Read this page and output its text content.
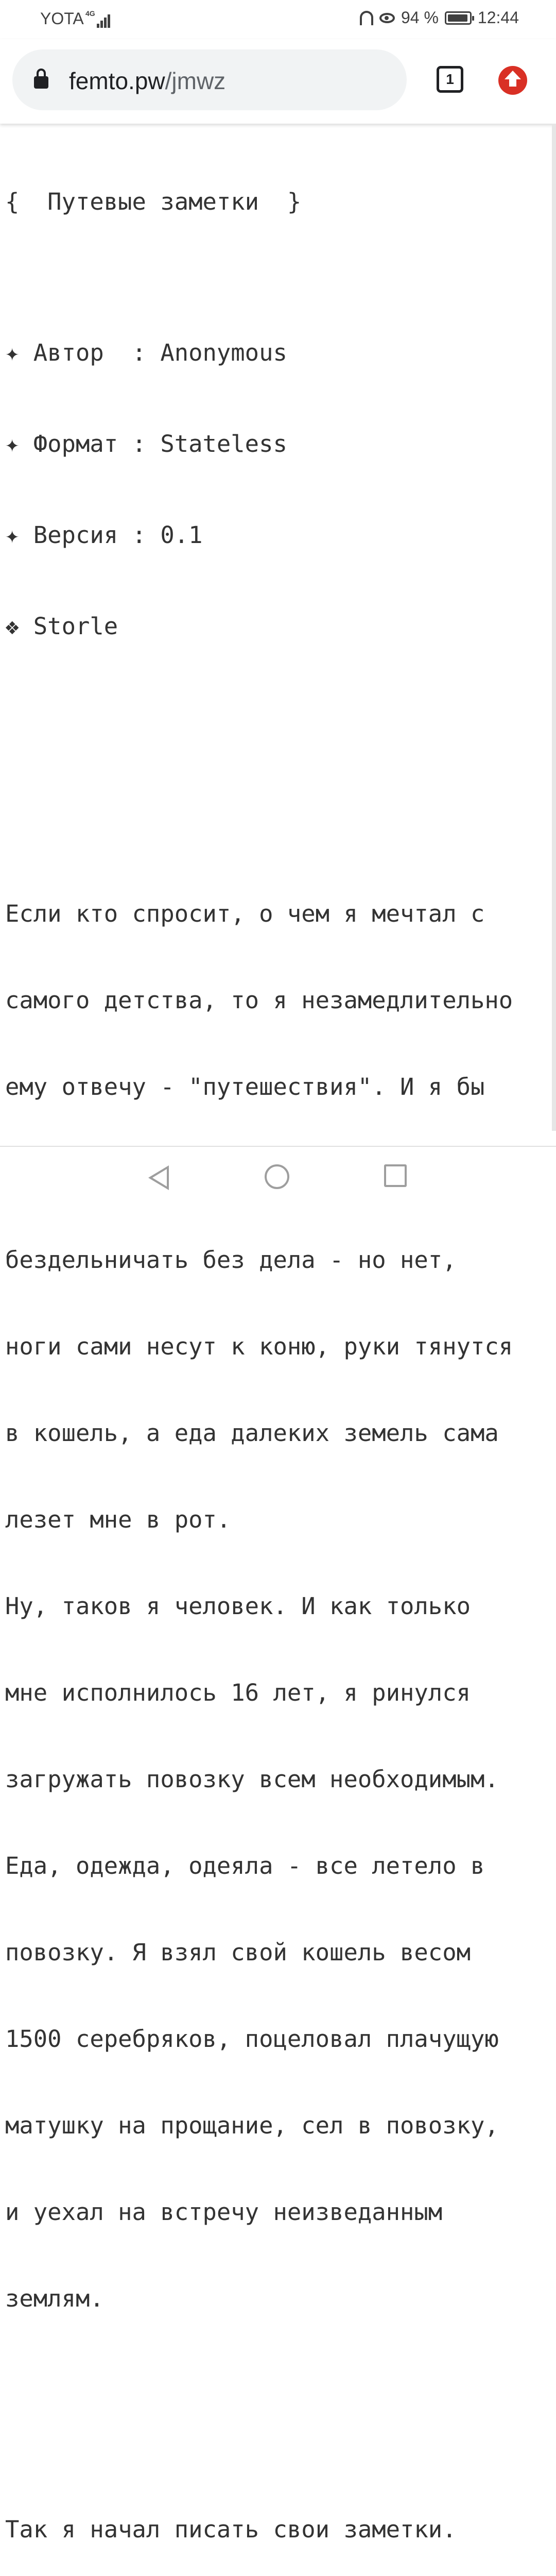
YOTA 4G	94 % 12:44
femto.pw/jmwz	1

{  Путевые заметки  }

✦ Автор  : Anonymous

✦ Формат : Stateless

✦ Версия : 0.1

❖ Storle

Если кто спросит, о чем я мечтал с

самого детства, то я незамедлительно

ему отвечу - "путешествия". И я бы

бездельничать без дела - но нет,

ноги сами несут к коню, руки тянутся

в кошель, а еда далеких земель сама

лезет мне в рот.

Ну, таков я человек. И как только

мне исполнилось 16 лет, я ринулся

загружать повозку всем необходимым.

Еда, одежда, одеяла - все летело в

повозку. Я взял свой кошель весом

1500 серебряков, поцеловал плачущую

матушку на прощание, сел в повозку,

и уехал на встречу неизведанным

землям.

Так я начал писать свои заметки.
